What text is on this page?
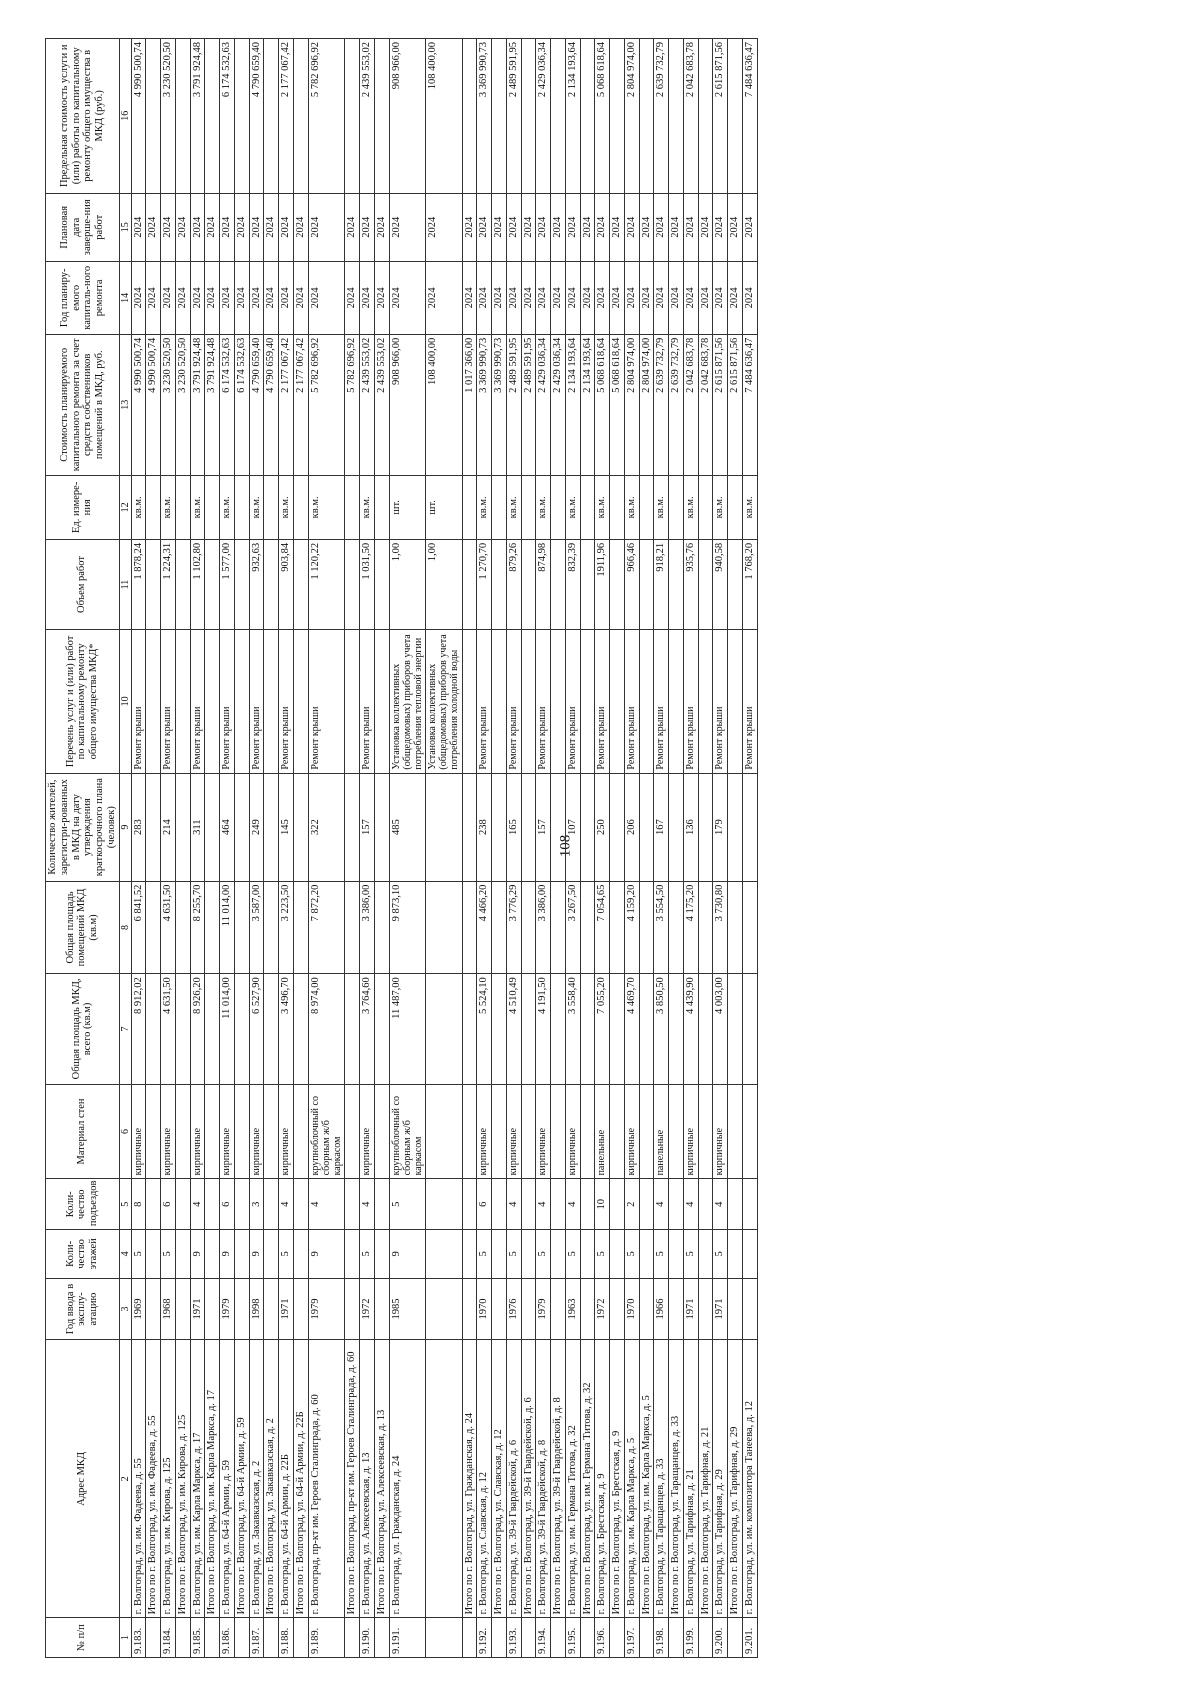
108
№ п/п	Адрес МКД	Год ввода в эксплу-атацию	Коли-чество этажей	Коли-чество подъездов	Материал стен	Общая площадь МКД, всего (кв.м)	Общая площадь помещений МКД (кв.м)	Количество жителей, зарегистри-рованных в МКД на дату утверждения краткосрочного плана (человек)	Перечень услуг и (или) работ по капитальному ремонту общего имущества МКД*	Объем работ	Ед. измере-ния	Стоимость планируемого капитального ремонта за счет средств собственников помещений в МКД, руб.	Год планиру-емого капиталь-ного ремонта	Плановая дата заверше-ния работ	Предельная стоимость услуги и (или) работы по капитальному ремонту общего имущества в МКД (руб.)
1	2	3	4	5	6	7	8	9	10	11	12	13	14	15	16
9.183.	г. Волгоград, ул. им. Фадеева, д. 55	1969	5	8	кирпичные	8 912,02	6 841,52	283	Ремонт крыши	1 878,24	кв.м.	4 990 500,74	2024	2024	4 990 500,74
	Итого по г. Волгоград, ул. им. Фадеева, д. 55											4 990 500,74	2024	2024	
9.184.	г. Волгоград, ул. им. Кирова, д. 125	1968	5	6	кирпичные	4 631,50	4 631,50	214	Ремонт крыши	1 224,31	кв.м.	3 230 520,50	2024	2024	3 230 520,50
	Итого по г. Волгоград, ул. им. Кирова, д. 125											3 230 520,50	2024	2024	
9.185.	г. Волгоград, ул. им. Карла Маркса, д. 17	1971	9	4	кирпичные	8 926,20	8 255,70	311	Ремонт крыши	1 102,80	кв.м.	3 791 924,48	2024	2024	3 791 924,48
	Итого по г. Волгоград, ул. им. Карла Маркса, д. 17											3 791 924,48	2024	2024	
9.186.	г. Волгоград, ул. 64-й Армии, д. 59	1979	9	6	кирпичные	11 014,00	11 014,00	464	Ремонт крыши	1 577,00	кв.м.	6 174 532,63	2024	2024	6 174 532,63
	Итого по г. Волгоград, ул. 64-й Армии, д. 59											6 174 532,63	2024	2024	
9.187.	г. Волгоград, ул. Закавказская, д. 2	1998	9	3	кирпичные	6 527,90	3 587,00	249	Ремонт крыши	932,63	кв.м.	4 790 659,40	2024	2024	4 790 659,40
	Итого по г. Волгоград, ул. Закавказская, д. 2											4 790 659,40	2024	2024	
9.188.	г. Волгоград, ул. 64-й Армии, д. 22Б	1971	5	4	кирпичные	3 496,70	3 223,50	145	Ремонт крыши	903,84	кв.м.	2 177 067,42	2024	2024	2 177 067,42
	Итого по г. Волгоград, ул. 64-й Армии, д. 22Б											2 177 067,42	2024	2024	
9.189.	г. Волгоград, пр-кт им. Героев Сталинграда, д. 60	1979	9	4	крупноблочный со сборным ж/б каркасом	8 974,00	7 872,20	322	Ремонт крыши	1 120,22	кв.м.	5 782 696,92	2024	2024	5 782 696,92
	Итого по г. Волгоград, пр-кт им. Героев Сталинграда, д. 60											5 782 696,92	2024	2024	
9.190.	г. Волгоград, ул. Алексеевская, д. 13	1972	5	4	кирпичные	3 764,60	3 386,00	157	Ремонт крыши	1 031,50	кв.м.	2 439 553,02	2024	2024	2 439 553,02
	Итого по г. Волгоград, ул. Алексеевская, д. 13											2 439 553,02	2024	2024	
9.191.	г. Волгоград, ул. Гражданская, д. 24	1985	9	5	крупноблочный со сборным ж/б каркасом	11 487,00	9 873,10	485	Установка коллективных (общедомовых) приборов учета потребления тепловой энергии	1,00	шт.	908 966,00	2024	2024	908 966,00
									Установка коллективных (общедомовых) приборов учета потребления холодной воды	1,00	шт.	108 400,00	2024	2024	108 400,00
	Итого по г. Волгоград, ул. Гражданская, д. 24											1 017 366,00	2024	2024	
9.192.	г. Волгоград, ул. Славская, д. 12	1970	5	6	кирпичные	5 524,10	4 466,20	238	Ремонт крыши	1 270,70	кв.м.	3 369 990,73	2024	2024	3 369 990,73
	Итого по г. Волгоград, ул. Славская, д. 12											3 369 990,73	2024	2024	
9.193.	г. Волгоград, ул. 39-й Гвардейской, д. 6	1976	5	4	кирпичные	4 510,49	3 776,29	165	Ремонт крыши	879,26	кв.м.	2 489 591,95	2024	2024	2 489 591,95
	Итого по г. Волгоград, ул. 39-й Гвардейской, д. 6											2 489 591,95	2024	2024	
9.194.	г. Волгоград, ул. 39-й Гвардейской, д. 8	1979	5	4	кирпичные	4 191,50	3 386,00	157	Ремонт крыши	874,98	кв.м.	2 429 036,34	2024	2024	2 429 036,34
	Итого по г. Волгоград, ул. 39-й Гвардейской, д. 8											2 429 036,34	2024	2024	
9.195.	г. Волгоград, ул. им. Германа Титова, д. 32	1963	5	4	кирпичные	3 558,40	3 267,50	107	Ремонт крыши	832,39	кв.м.	2 134 193,64	2024	2024	2 134 193,64
	Итого по г. Волгоград, ул. им. Германа Титова, д. 32											2 134 193,64	2024	2024	
9.196.	г. Волгоград, ул. Брестская, д. 9	1972	5	10	панельные	7 055,20	7 054,65	250	Ремонт крыши	1911,96	кв.м.	5 068 618,64	2024	2024	5 068 618,64
	Итого по г. Волгоград, ул. Брестская, д. 9											5 068 618,64	2024	2024	
9.197.	г. Волгоград, ул. им. Карла Маркса, д. 5	1970	5	2	кирпичные	4 469,70	4 159,20	206	Ремонт крыши	966,46	кв.м.	2 804 974,00	2024	2024	2 804 974,00
	Итого по г. Волгоград, ул. им. Карла Маркса, д. 5											2 804 974,00	2024	2024	
9.198.	г. Волгоград, ул. Таращанцев, д. 33	1966	5	4	панельные	3 850,50	3 554,50	167	Ремонт крыши	918,21	кв.м.	2 639 732,79	2024	2024	2 639 732,79
	Итого по г. Волгоград, ул. Таращанцев, д. 33											2 639 732,79	2024	2024	
9.199.	г. Волгоград, ул. Тарифная, д. 21	1971	5	4	кирпичные	4 439,90	4 175,20	136	Ремонт крыши	935,76	кв.м.	2 042 683,78	2024	2024	2 042 683,78
	Итого по г. Волгоград, ул. Тарифная, д. 21											2 042 683,78	2024	2024	
9.200.	г. Волгоград, ул. Тарифная, д. 29	1971	5	4	кирпичные	4 003,00	3 730,80	179	Ремонт крыши	940,58	кв.м.	2 615 871,56	2024	2024	2 615 871,56
	Итого по г. Волгоград, ул. Тарифная, д. 29											2 615 871,56	2024	2024	
9.201.	г. Волгоград, ул. им. композитора Танеева, д. 12								Ремонт крыши	1 768,20	кв.м.	7 484 636,47	2024	2024	7 484 636,47
